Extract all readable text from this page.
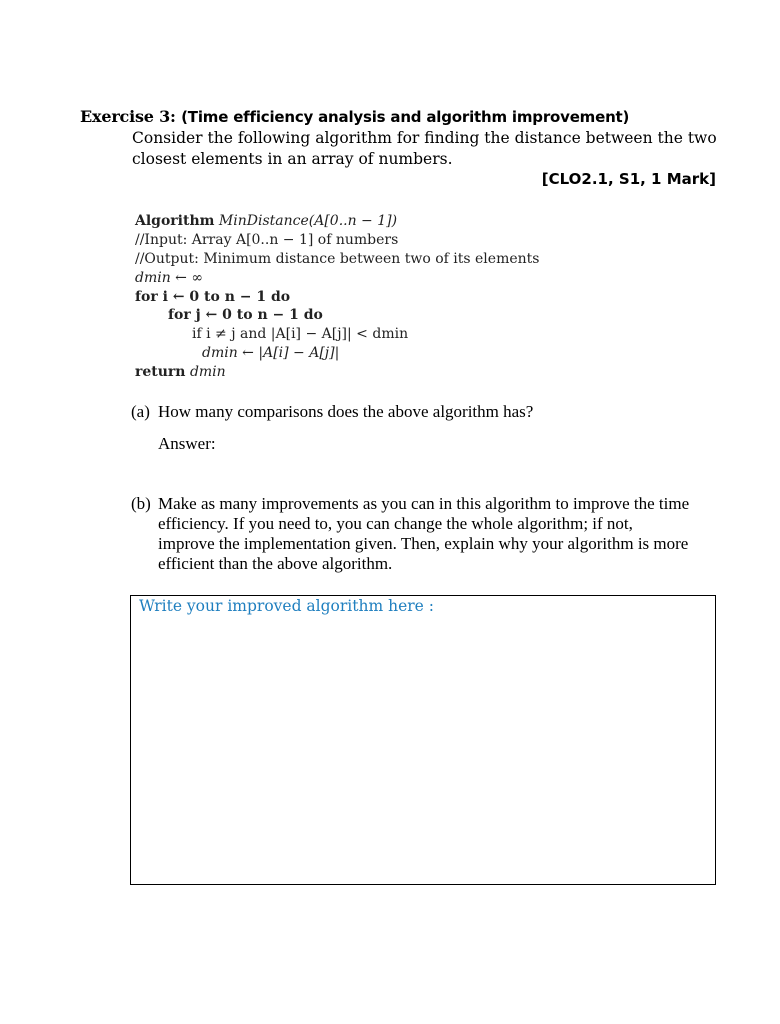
Exercise 3: (Time efficiency analysis and algorithm improvement)
Consider the following algorithm for finding the distance between the two
closest elements in an array of numbers.
[CLO2.1, S1, 1 Mark]
Algorithm MinDistance(A[0..n − 1])
//Input: Array A[0..n − 1] of numbers
//Output: Minimum distance between two of its elements
dmin ← ∞
for i ← 0 to n − 1 do
for j ← 0 to n − 1 do
if i ≠ j and |A[i] − A[j]| < dmin
dmin ← |A[i] − A[j]|
return dmin
(a) How many comparisons does the above algorithm has?
Answer:
(b) Make as many improvements as you can in this algorithm to improve the time
efficiency. If you need to, you can change the whole algorithm; if not,
improve the implementation given. Then, explain why your algorithm is more
efficient than the above algorithm.
Write your improved algorithm here :
